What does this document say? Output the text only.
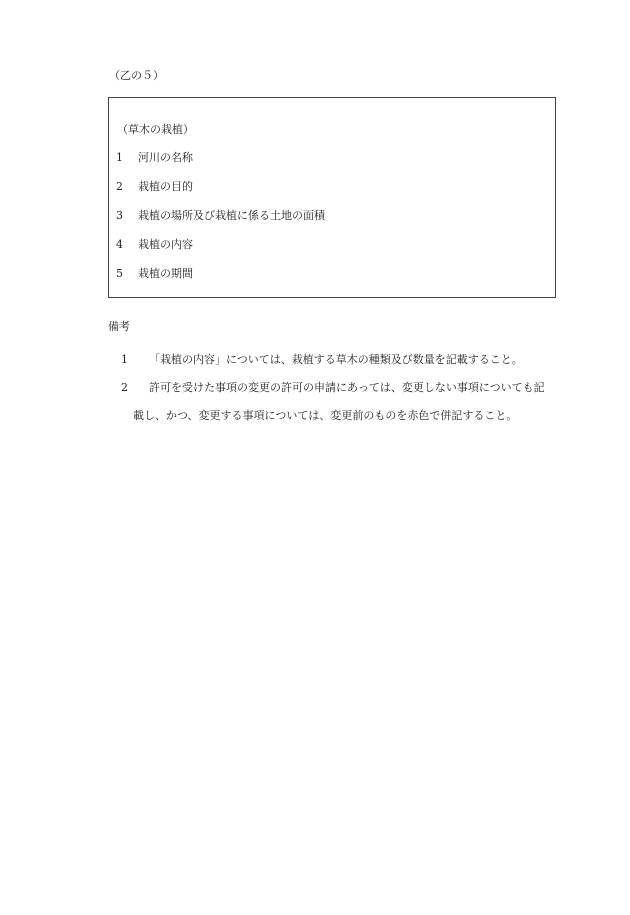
（乙の５）
（草木の栽植）
1 河川の名称
2 栽植の目的
3 栽植の場所及び栽植に係る土地の面積
4 栽植の内容
5 栽植の期間
備考
1 「栽植の内容」については、栽植する草木の種類及び数量を記載すること。
2 許可を受けた事項の変更の許可の申請にあっては、変更しない事項についても記
載し、かつ、変更する事項については、変更前のものを赤色で併記すること。
